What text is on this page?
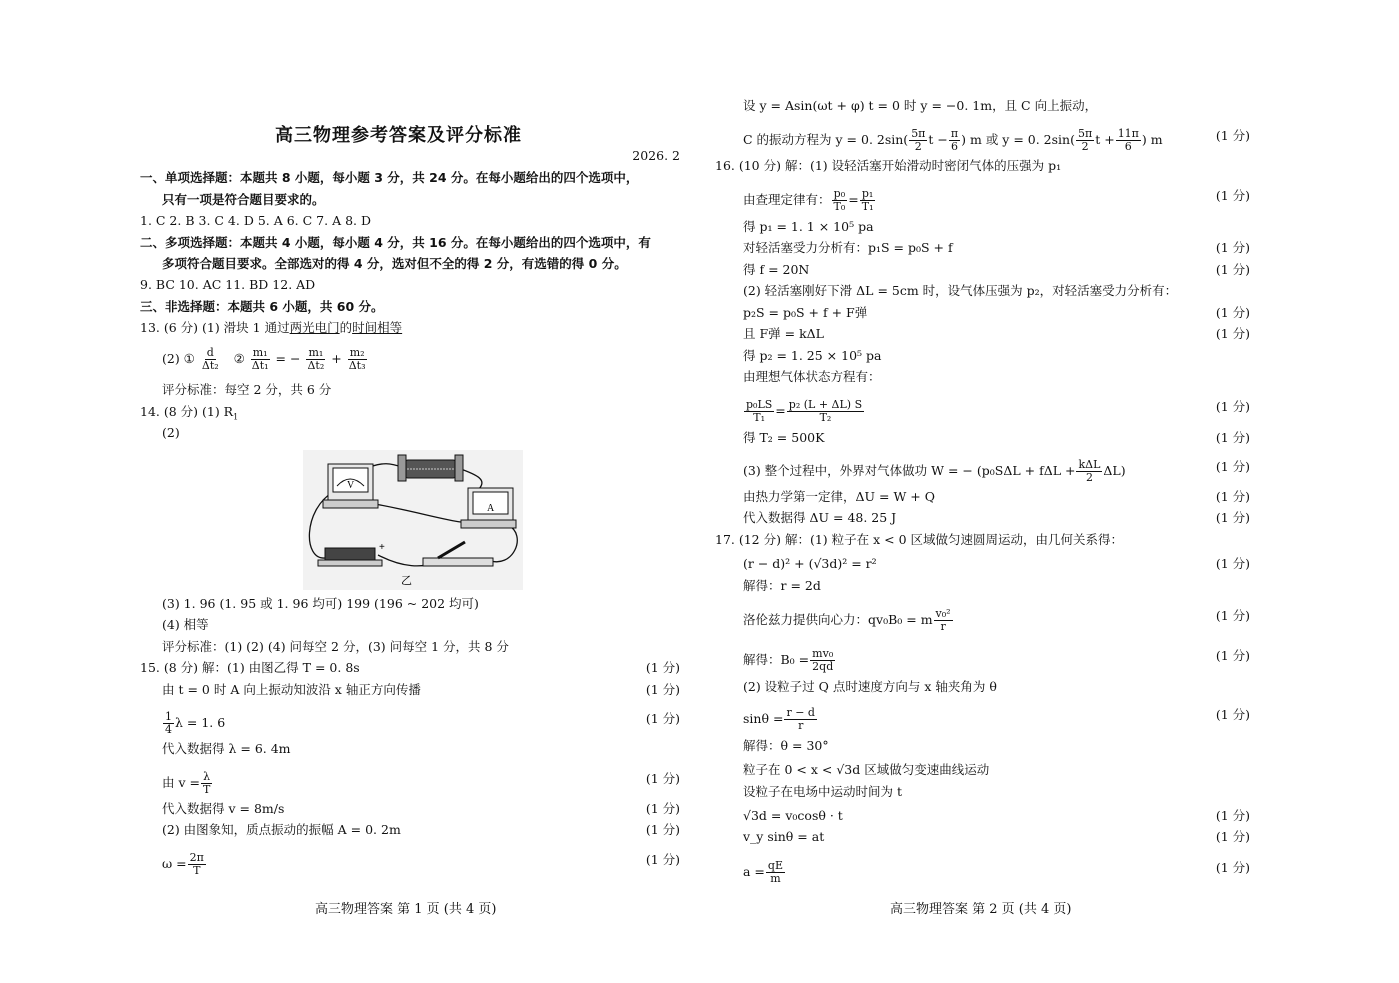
高三物理参考答案及评分标准
2026. 2
一、单项选择题：本题共 8 小题，每小题 3 分，共 24 分。在每小题给出的四个选项中，
只有一项是符合题目要求的。
1. C 2. B 3. C 4. D 5. A 6. C 7. A 8. D
二、多项选择题：本题共 4 小题，每小题 4 分，共 16 分。在每小题给出的四个选项中，有
多项符合题目要求。全部选对的得 4 分，选对但不全的得 2 分，有选错的得 0 分。
9. BC 10. AC 11. BD 12. AD
三、非选择题：本题共 6 小题，共 60 分。
13. (6 分) (1) 滑块 1 通过两光电门的时间相等
(2) ① $\frac{d}{\text{Δt₂}}$ ② $\frac{\text{m₁}}{\text{Δt₁}}$ = − $\frac{\text{m₁}}{\text{Δt₂}} + \frac{\text{m₂}}{\text{Δt₃}}$
评分标准：每空 2 分，共 6 分
14. (8 分) (1) $R_1$
(2)
V
A
+
乙
(3) 1. 96 (1. 95 或 1. 96 均可) 199 (196 ~ 202 均可)
(4) 相等
评分标准：(1) (2) (4) 问每空 2 分，(3) 问每空 1 分，共 8 分
15. (8 分) 解：(1) 由图乙得 T = 0. 8s	(1 分)
由 t = 0 时 A 向上振动知波沿 x 轴正方向传播	(1 分)
$\frac{1}{4}$ λ = 1. 6	(1 分)
代入数据得 λ = 6. 4m
由 $v = \frac{\lambda}{T}$	(1 分)
代入数据得 v = 8m/s	(1 分)
(2) 由图象知，质点振动的振幅 A = 0. 2m	(1 分)
$\omega = \frac{2\pi}{T}$	(1 分)
高三物理答案 第 1 页 (共 4 页)
设 y = Asin(ωt + φ) t = 0 时 y = −0. 1m，且 C 向上振动，
C 的振动方程为 y = 0. $2\sin( \frac{5\pi}{2}$ $t - \frac{\pi}{6}$ ) m 或 y = 0. $2\sin( \frac{5\pi}{2}$ $t + \frac{11\pi}{6}$ ) m	(1 分)
16. (10 分) 解：(1) 设轻活塞开始滑动时密闭气体的压强为 p₁
由查理定律有： $\frac{\text{p₀}}{\text{T₀}} = \frac{\text{p₁}}{\text{T₁}}$	(1 分)
得 p₁ = 1. 1 × 10⁵ pa
对轻活塞受力分析有：p₁S = p₀S + f	(1 分)
得 f = 20N	(1 分)
(2) 轻活塞刚好下滑 ΔL = 5cm 时，设气体压强为 p₂，对轻活塞受力分析有：
p₂S = p₀S + f + F弹	(1 分)
且 F弹 = kΔL	(1 分)
得 p₂ = 1. 25 × 10⁵ pa
由理想气体状态方程有：
$\frac{\text{p₀LS}}{\text{T₁}} = \frac{\text{p₂ (L + ΔL) S}}{\text{T₂}}$	(1 分)
得 T₂ = 500K	(1 分)
(3) 整个过程中，外界对气体做功 W = − $(p_0S\Delta L + f\Delta L + \frac{\text{kΔL}}{2} \Delta L)$	(1 分)
由热力学第一定律，ΔU = W + Q	(1 分)
代入数据得 ΔU = 48. 25 J	(1 分)
17. (12 分) 解：(1) 粒子在 x < 0 区域做匀速圆周运动，由几何关系得：
(r − d)² + (√3d)² = r²	(1 分)
解得：r = 2d
洛伦兹力提供向心力：qv₀B₀ = m $\frac{\text{v₀²}}{r}$	(1 分)
解得：$B_0 = \frac{\text{mv₀}}{2qd}$	(1 分)
(2) 设粒子过 Q 点时速度方向与 x 轴夹角为 θ
$\sin\theta = \frac{r - d}{r}$	(1 分)
解得：θ = 30°
粒子在 0 < x < √3d 区域做匀变速曲线运动
设粒子在电场中运动时间为 t
√3d = v₀cosθ · t	(1 分)
v_y sinθ = at	(1 分)
$a = \frac{qE}{m}$	(1 分)
高三物理答案 第 2 页 (共 4 页)
